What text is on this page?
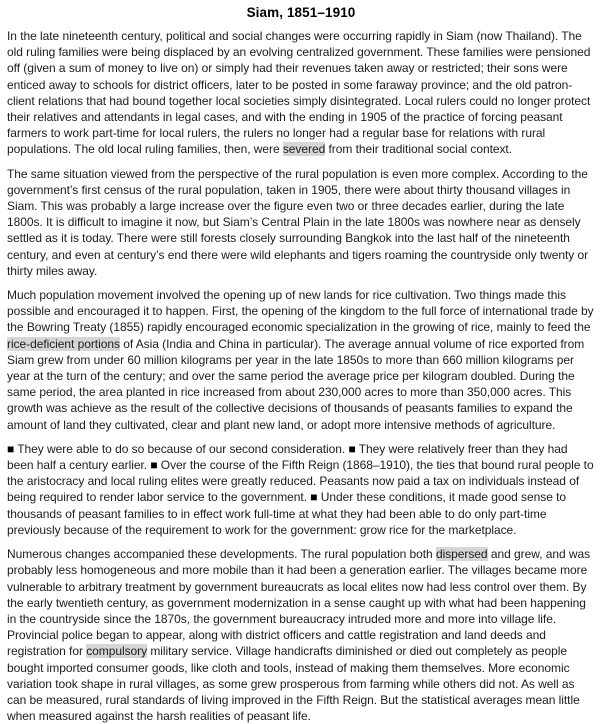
Siam, 1851–1910

In the late nineteenth century, political and social changes were occurring rapidly in Siam (now Thailand). The old ruling families were being displaced by an evolving centralized government. These families were pensioned off (given a sum of money to live on) or simply had their revenues taken away or restricted; their sons were enticed away to schools for district officers, later to be posted in some faraway province; and the old patron-client relations that had bound together local societies simply disintegrated. Local rulers could no longer protect their relatives and attendants in legal cases, and with the ending in 1905 of the practice of forcing peasant farmers to work part-time for local rulers, the rulers no longer had a regular base for relations with rural populations. The old local ruling families, then, were severed from their traditional social context.

The same situation viewed from the perspective of the rural population is even more complex. According to the government’s first census of the rural population, taken in 1905, there were about thirty thousand villages in Siam. This was probably a large increase over the figure even two or three decades earlier, during the late 1800s. It is difficult to imagine it now, but Siam’s Central Plain in the late 1800s was nowhere near as densely settled as it is today. There were still forests closely surrounding Bangkok into the last half of the nineteenth century, and even at century’s end there were wild elephants and tigers roaming the countryside only twenty or thirty miles away.

Much population movement involved the opening up of new lands for rice cultivation. Two things made this possible and encouraged it to happen. First, the opening of the kingdom to the full force of international trade by the Bowring Treaty (1855) rapidly encouraged economic specialization in the growing of rice, mainly to feed the rice-deficient portions of Asia (India and China in particular). The average annual volume of rice exported from Siam grew from under 60 million kilograms per year in the late 1850s to more than 660 million kilograms per year at the turn of the century; and over the same period the average price per kilogram doubled. During the same period, the area planted in rice increased from about 230,000 acres to more than 350,000 acres. This growth was achieve as the result of the collective decisions of thousands of peasants families to expand the amount of land they cultivated, clear and plant new land, or adopt more intensive methods of agriculture.

■ They were able to do so because of our second consideration. ■ They were relatively freer than they had been half a century earlier. ■ Over the course of the Fifth Reign (1868–1910), the ties that bound rural people to the aristocracy and local ruling elites were greatly reduced. Peasants now paid a tax on individuals instead of being required to render labor service to the government. ■ Under these conditions, it made good sense to thousands of peasant families to in effect work full-time at what they had been able to do only part-time previously because of the requirement to work for the government: grow rice for the marketplace.

Numerous changes accompanied these developments. The rural population both dispersed and grew, and was probably less homogeneous and more mobile than it had been a generation earlier. The villages became more vulnerable to arbitrary treatment by government bureaucrats as local elites now had less control over them. By the early twentieth century, as government modernization in a sense caught up with what had been happening in the countryside since the 1870s, the government bureaucracy intruded more and more into village life. Provincial police began to appear, along with district officers and cattle registration and land deeds and registration for compulsory military service. Village handicrafts diminished or died out completely as people bought imported consumer goods, like cloth and tools, instead of making them themselves. More economic variation took shape in rural villages, as some grew prosperous from farming while others did not. As well as can be measured, rural standards of living improved in the Fifth Reign. But the statistical averages mean little when measured against the harsh realities of peasant life.
